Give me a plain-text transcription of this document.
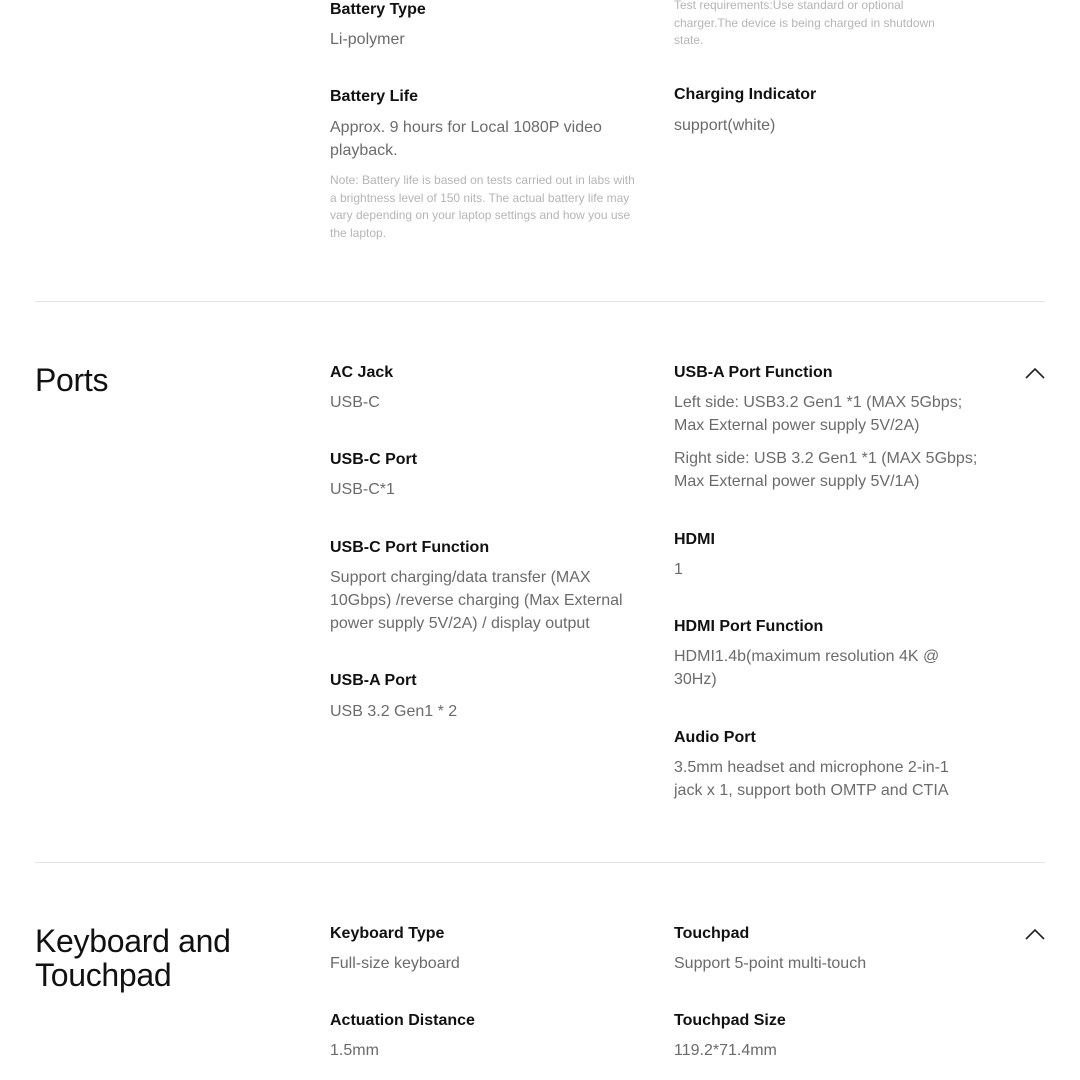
Battery Type
Li-polymer
Battery Life
Approx. 9 hours for Local 1080P video playback.
Note: Battery life is based on tests carried out in labs with a brightness level of 150 nits. The actual battery life may vary depending on your laptop settings and how you use the laptop.
Test requirements:Use standard or optional charger.The device is being charged in shutdown state.
Charging Indicator
support(white)
Ports	AC Jack
USB-C
USB-C Port
USB-C*1
USB-C Port Function
Support charging/data transfer (MAX 10Gbps) /reverse charging (Max External power supply 5V/2A) / display output
USB-A Port
USB 3.2 Gen1 * 2
USB-A Port Function
Left side: USB3.2 Gen1 *1 (MAX 5Gbps; Max External power supply 5V/2A)
Right side: USB 3.2 Gen1 *1 (MAX 5Gbps; Max External power supply 5V/1A)
HDMI
1
HDMI Port Function
HDMI1.4b(maximum resolution 4K @ 30Hz)
Audio Port
3.5mm headset and microphone 2-in-1 jack x 1, support both OMTP and CTIA
Keyboard and
Touchpad
Keyboard Type
Full-size keyboard
Actuation Distance
1.5mm
Touchpad
Support 5-point multi-touch
Touchpad Size
119.2*71.4mm
